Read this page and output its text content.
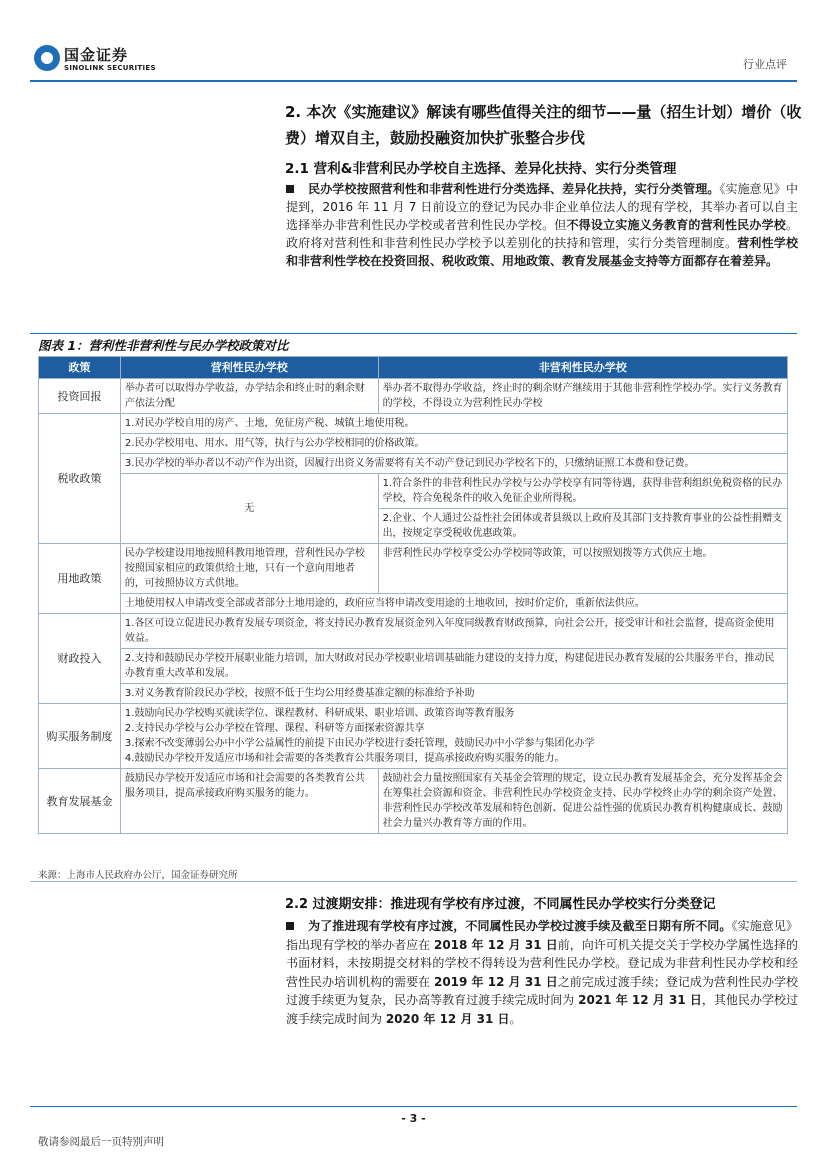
国金证券
SINOLINK SECURITIES	行业点评
2. 本次《实施建议》解读有哪些值得关注的细节——量（招生计划）增价（收费）增双自主，鼓励投融资加快扩张整合步伐
2.1 营利&非营利民办学校自主选择、差异化扶持、实行分类管理
民办学校按照营利性和非营利性进行分类选择、差异化扶持，实行分类管理。《实施意见》中提到，2016 年 11 月 7 日前设立的登记为民办非企业单位法人的现有学校，其举办者可以自主选择举办非营利性民办学校或者营利性民办学校。但不得设立实施义务教育的营利性民办学校。政府将对营利性和非营利性民办学校予以差别化的扶持和管理，实行分类管理制度。营利性学校和非营利性学校在投资回报、税收政策、用地政策、教育发展基金支持等方面都存在着差异。
图表 1：营利性非营利性与民办学校政策对比
政策	营利性民办学校	非营利性民办学校
投资回报	举办者可以取得办学收益，办学结余和终止时的剩余财产依法分配	举办者不取得办学收益，终止时的剩余财产继续用于其他非营利性学校办学。实行义务教育的学校，不得设立为营利性民办学校
税收政策	1.对民办学校自用的房产、土地，免征房产税、城镇土地使用税。	
	2.民办学校用电、用水、用气等，执行与公办学校相同的价格政策。	
	3.民办学校的举办者以不动产作为出资，因履行出资义务需要将有关不动产登记到民办学校名下的，只缴纳证照工本费和登记费。	
	无	1.符合条件的非营利性民办学校与公办学校享有同等待遇，获得非营利组织免税资格的民办学校，符合免税条件的收入免征企业所得税。
		2.企业、个人通过公益性社会团体或者县级以上政府及其部门支持教育事业的公益性捐赠支出，按规定享受税收优惠政策。
用地政策	民办学校建设用地按照科教用地管理，营利性民办学校按照国家相应的政策供给土地，只有一个意向用地者的，可按照协议方式供地。	非营利性民办学校享受公办学校同等政策，可以按照划拨等方式供应土地。
	土地使用权人申请改变全部或者部分土地用途的，政府应当将申请改变用途的土地收回，按时价定价，重新依法供应。	
财政投入	1.各区可设立促进民办教育发展专项资金，将支持民办教育发展资金列入年度同级教育财政预算，向社会公开，接受审计和社会监督，提高资金使用效益。	
	2.支持和鼓励民办学校开展职业能力培训，加大财政对民办学校职业培训基础能力建设的支持力度，构建促进民办教育发展的公共服务平台，推动民办教育重大改革和发展。	
	3.对义务教育阶段民办学校，按照不低于生均公用经费基准定额的标准给予补助	
购买服务制度	1.鼓励向民办学校购买就读学位、课程教材、科研成果、职业培训、政策咨询等教育服务
2.支持民办学校与公办学校在管理、课程、科研等方面探索资源共享
3.探索不改变薄弱公办中小学公益属性的前提下由民办学校进行委托管理，鼓励民办中小学参与集团化办学
4.鼓励民办学校开发适应市场和社会需要的各类教育公共服务项目，提高承接政府购买服务的能力。	

教育发展基金	鼓励民办学校开发适应市场和社会需要的各类教育公共服务项目，提高承接政府购买服务的能力。	鼓励社会力量按照国家有关基金会管理的规定，设立民办教育发展基金会，充分发挥基金会在筹集社会资源和资金、非营利性民办学校资金支持、民办学校终止办学的剩余资产处置、非营利性民办学校改革发展和特色创新、促进公益性强的优质民办教育机构健康成长、鼓励社会力量兴办教育等方面的作用。
来源：上海市人民政府办公厅，国金证券研究所
2.2 过渡期安排：推进现有学校有序过渡，不同属性民办学校实行分类登记
为了推进现有学校有序过渡，不同属性民办学校过渡手续及截至日期有所不同。《实施意见》指出现有学校的举办者应在 2018 年 12 月 31 日前，向许可机关提交关于学校办学属性选择的书面材料，未按期提交材料的学校不得转设为营利性民办学校。登记成为非营利性民办学校和经营性民办培训机构的需要在 2019 年 12 月 31 日之前完成过渡手续；登记成为营利性民办学校过渡手续更为复杂，民办高等教育过渡手续完成时间为 2021 年 12 月 31 日，其他民办学校过渡手续完成时间为 2020 年 12 月 31 日。
- 3 -
敬请参阅最后一页特别声明
